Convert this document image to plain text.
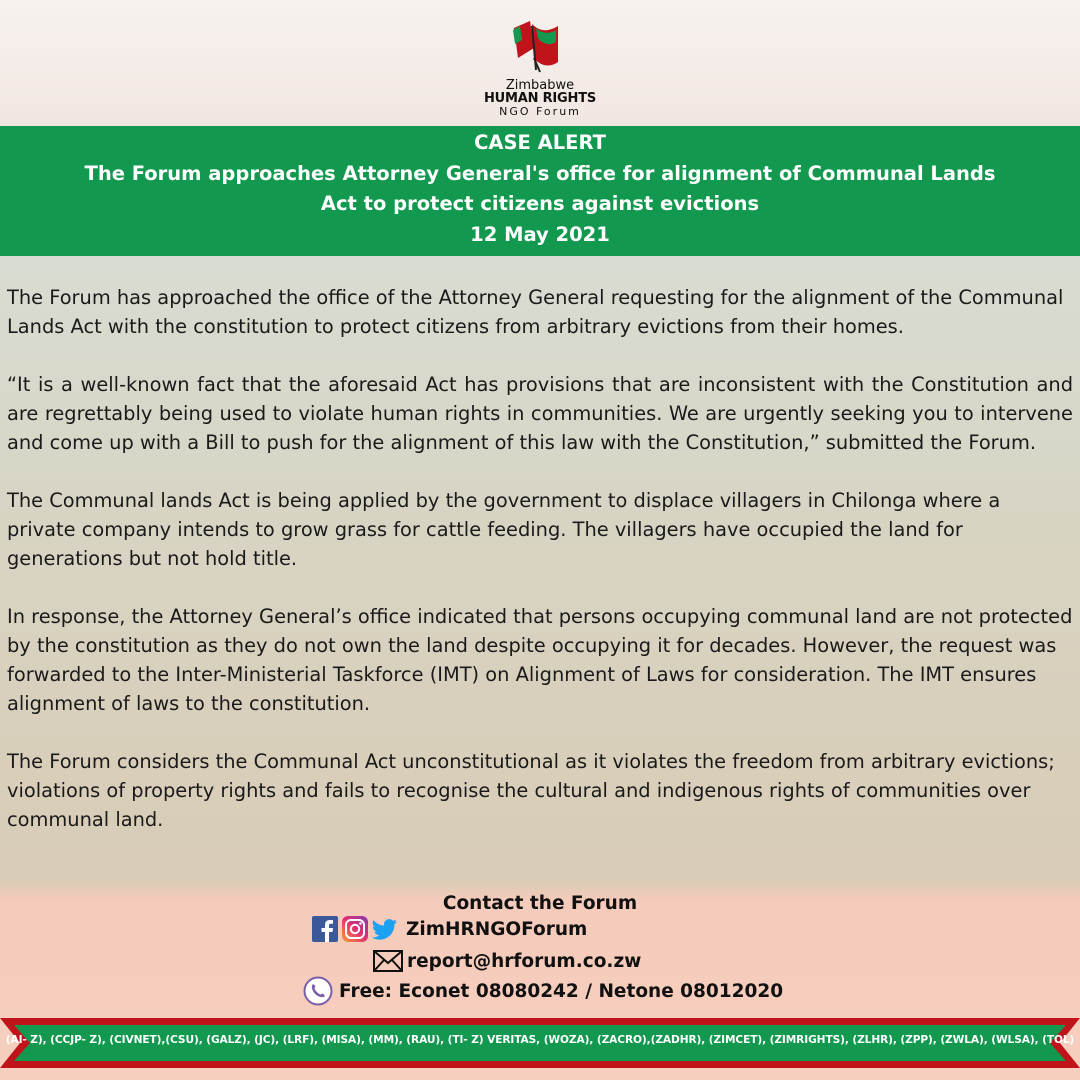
Zimbabwe
HUMAN RIGHTS
NGO Forum
CASE ALERT
The Forum approaches Attorney General's office for alignment of Communal Lands
Act to protect citizens against evictions
12 May 2021

The Forum has approached the office of the Attorney General requesting for the alignment of the Communal Lands Act with the constitution to protect citizens from arbitrary evictions from their homes.

“It is a well-known fact that the aforesaid Act has provisions that are inconsistent with the Constitution and are regrettably being used to violate human rights in communities. We are urgently seeking you to intervene and come up with a Bill to push for the alignment of this law with the Constitution,” submitted the Forum.

The Communal lands Act is being applied by the government to displace villagers in Chilonga where a private company intends to grow grass for cattle feeding. The villagers have occupied the land for generations but not hold title.

In response, the Attorney General’s office indicated that persons occupying communal land are not protected by the constitution as they do not own the land despite occupying it for decades. However, the request was forwarded to the Inter-Ministerial Taskforce (IMT) on Alignment of Laws for consideration. The IMT ensures alignment of laws to the constitution.

The Forum considers the Communal Act unconstitutional as it violates the freedom from arbitrary evictions; violations of property rights and fails to recognise the cultural and indigenous rights of communities over communal land.

Contact the Forum
ZimHRNGOForum
report@hrforum.co.zw
Free: Econet 08080242 / Netone 08012020
(AI- Z), (CCJP- Z), (CIVNET),(CSU), (GALZ), (JC), (LRF), (MISA), (MM), (RAU), (TI- Z) VERITAS, (WOZA), (ZACRO),(ZADHR), (ZIMCET), (ZIMRIGHTS), (ZLHR), (ZPP), (ZWLA), (WLSA), (TOL)
